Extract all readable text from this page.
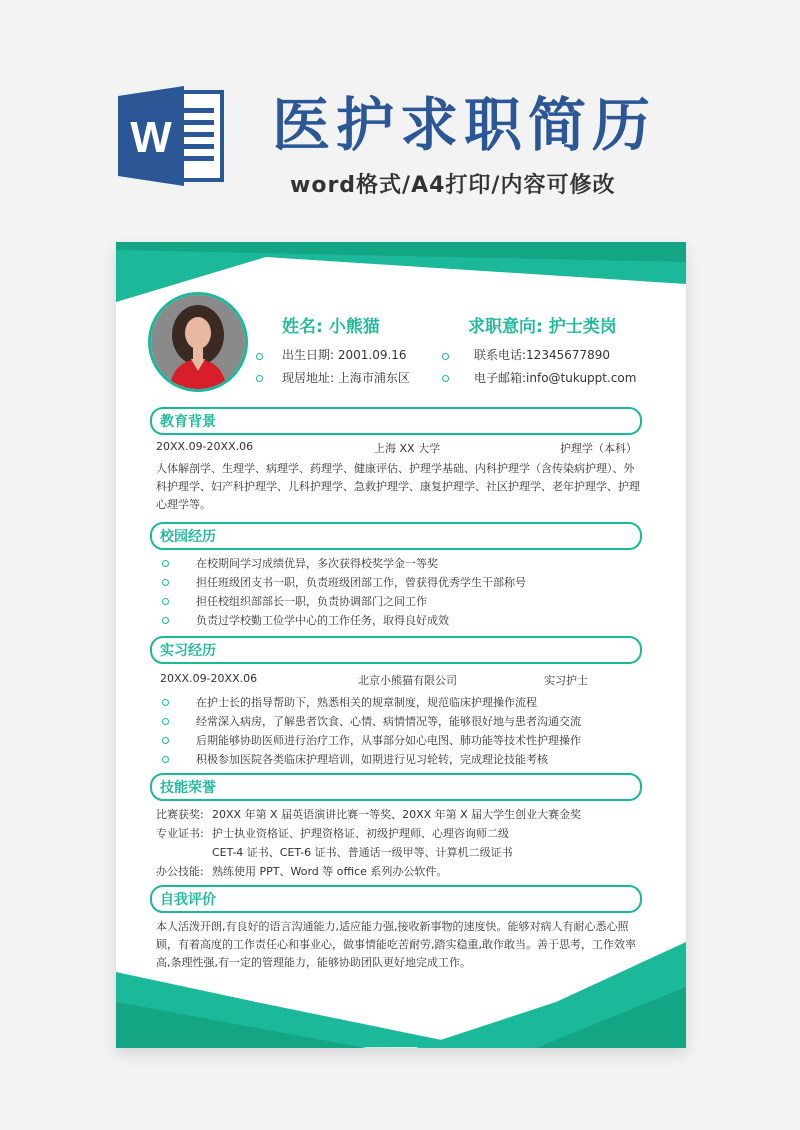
W 医护求职简历
word格式/A4打印/内容可修改
姓名: 小熊猫	求职意向: 护士类岗
出生日期: 2001.09.16	联系电话:12345677890
现居地址: 上海市浦东区	电子邮箱:info@tukuppt.com
教育背景
20XX.09-20XX.06	上海 XX 大学	护理学（本科）
人体解剖学、生理学、病理学、药理学、健康评估、护理学基础、内科护理学（含传染病护理）、外科护理学、妇产科护理学、儿科护理学、急救护理学、康复护理学、社区护理学、老年护理学、护理心理学等。
校园经历
在校期间学习成绩优异，多次获得校奖学金一等奖
担任班级团支书一职，负责班级团部工作，曾获得优秀学生干部称号
担任校组织部部长一职，负责协调部门之间工作
负责过学校勤工俭学中心的工作任务，取得良好成效
实习经历
20XX.09-20XX.06	北京小熊猫有限公司	实习护士
在护士长的指导帮助下，熟悉相关的规章制度，规范临床护理操作流程
经常深入病房，了解患者饮食、心情、病情情况等，能够很好地与患者沟通交流
后期能够协助医师进行治疗工作，从事部分如心电图、肺功能等技术性护理操作
积极参加医院各类临床护理培训，如期进行见习轮转，完成理论技能考核
技能荣誉
比赛获奖: 20XX 年第 X 届英语演讲比赛一等奖、20XX 年第 X 届大学生创业大赛金奖
专业证书: 护士执业资格证、护理资格证、初级护理师、心理咨询师二级
CET-4 证书、CET-6 证书、普通话一级甲等、计算机二级证书
办公技能: 熟练使用 PPT、Word 等 office 系列办公软件。
自我评价
本人活泼开朗,有良好的语言沟通能力,适应能力强,接收新事物的速度快。能够对病人有耐心悉心照顾，有着高度的工作责任心和事业心，做事情能吃苦耐劳,踏实稳重,敢作敢当。善于思考，工作效率高,条理性强,有一定的管理能力，能够协助团队更好地完成工作。
